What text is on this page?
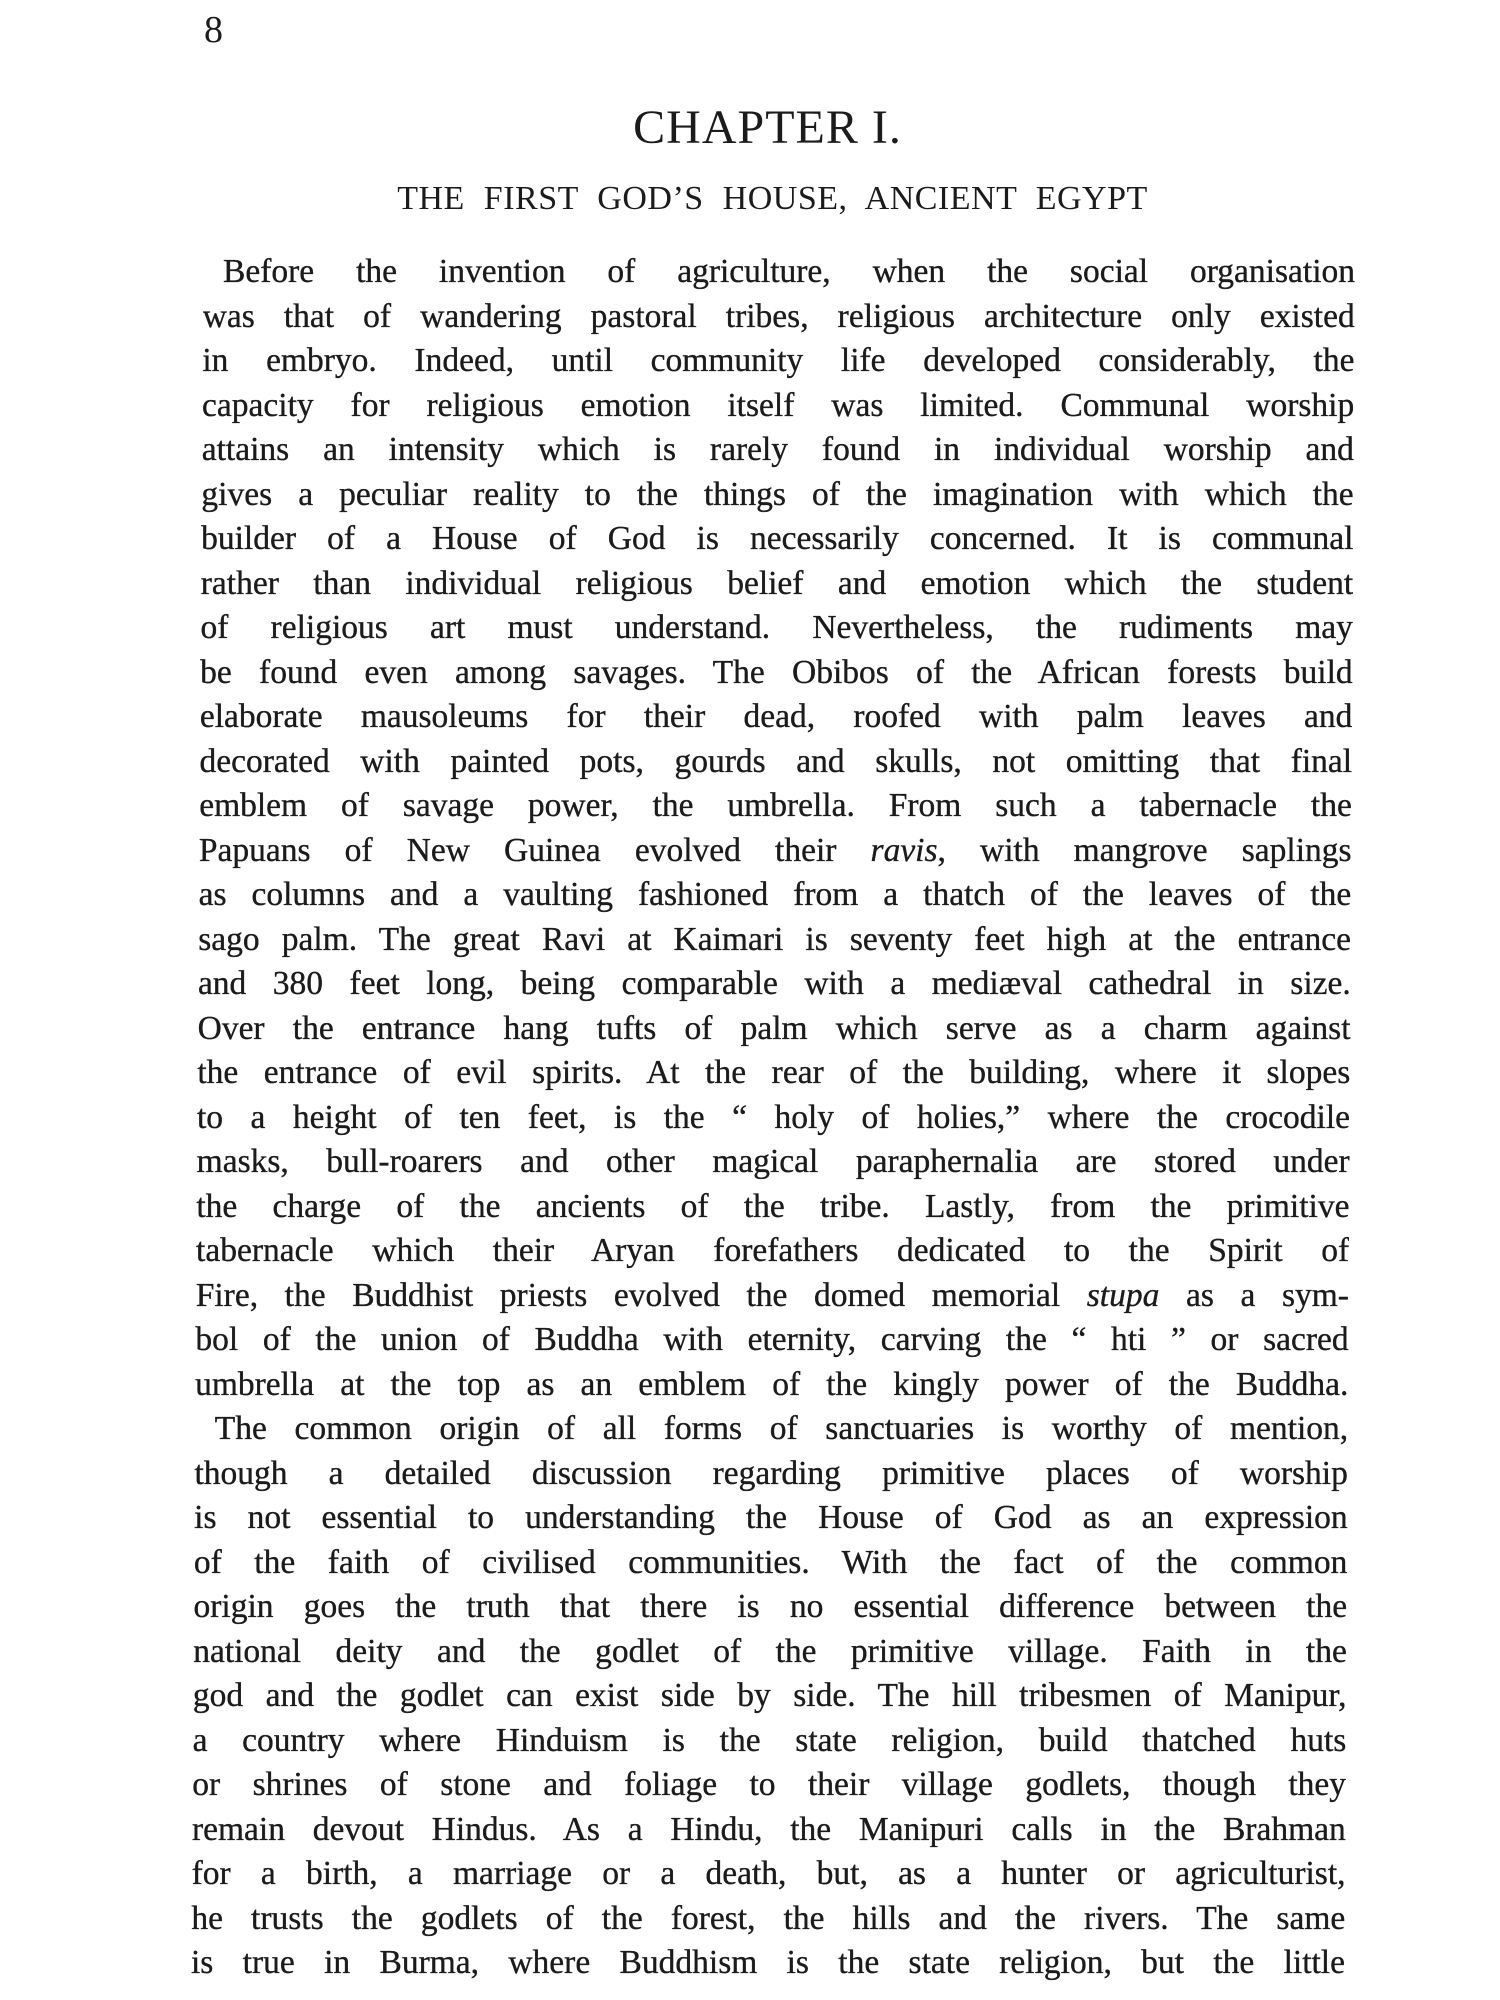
8
CHAPTER I.
THE FIRST GOD’S HOUSE, ANCIENT EGYPT
Before the invention of agriculture, when the social organisation
was that of wandering pastoral tribes, religious architecture only existed
in embryo. Indeed, until community life developed considerably, the
capacity for religious emotion itself was limited. Communal worship
attains an intensity which is rarely found in individual worship and
gives a peculiar reality to the things of the imagination with which the
builder of a House of God is necessarily concerned. It is communal
rather than individual religious belief and emotion which the student
of religious art must understand. Nevertheless, the rudiments may
be found even among savages. The Obibos of the African forests build
elaborate mausoleums for their dead, roofed with palm leaves and
decorated with painted pots, gourds and skulls, not omitting that final
emblem of savage power, the umbrella. From such a tabernacle the
Papuans of New Guinea evolved their ravis, with mangrove saplings
as columns and a vaulting fashioned from a thatch of the leaves of the
sago palm. The great Ravi at Kaimari is seventy feet high at the entrance
and 380 feet long, being comparable with a mediæval cathedral in size.
Over the entrance hang tufts of palm which serve as a charm against
the entrance of evil spirits. At the rear of the building, where it slopes
to a height of ten feet, is the “ holy of holies,” where the crocodile
masks, bull-roarers and other magical paraphernalia are stored under
the charge of the ancients of the tribe. Lastly, from the primitive
tabernacle which their Aryan forefathers dedicated to the Spirit of
Fire, the Buddhist priests evolved the domed memorial stupa as a sym-
bol of the union of Buddha with eternity, carving the “ hti ” or sacred
umbrella at the top as an emblem of the kingly power of the Buddha.
The common origin of all forms of sanctuaries is worthy of mention,
though a detailed discussion regarding primitive places of worship
is not essential to understanding the House of God as an expression
of the faith of civilised communities. With the fact of the common
origin goes the truth that there is no essential difference between the
national deity and the godlet of the primitive village. Faith in the
god and the godlet can exist side by side. The hill tribesmen of Manipur,
a country where Hinduism is the state religion, build thatched huts
or shrines of stone and foliage to their village godlets, though they
remain devout Hindus. As a Hindu, the Manipuri calls in the Brahman
for a birth, a marriage or a death, but, as a hunter or agriculturist,
he trusts the godlets of the forest, the hills and the rivers. The same
is true in Burma, where Buddhism is the state religion, but the little
